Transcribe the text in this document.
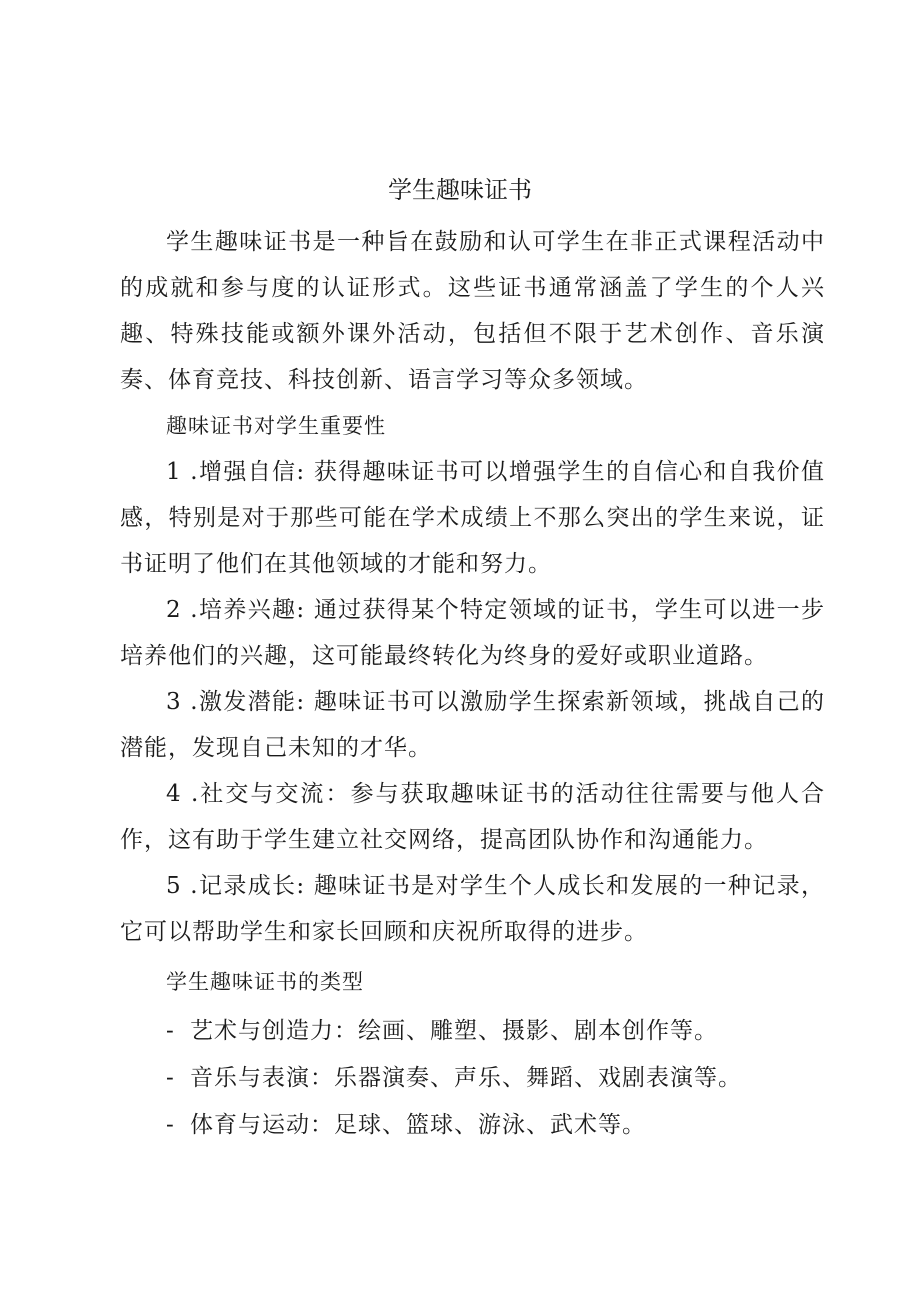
学生趣味证书

学生趣味证书是一种旨在鼓励和认可学生在非正式课程活动中的成就和参与度的认证形式。这些证书通常涵盖了学生的个人兴趣、特殊技能或额外课外活动，包括但不限于艺术创作、音乐演奏、体育竞技、科技创新、语言学习等众多领域。

趣味证书对学生重要性

1 .增强自信: 获得趣味证书可以增强学生的自信心和自我价值感，特别是对于那些可能在学术成绩上不那么突出的学生来说，证书证明了他们在其他领域的才能和努力。

2 .培养兴趣: 通过获得某个特定领域的证书，学生可以进一步培养他们的兴趣，这可能最终转化为终身的爱好或职业道路。

3 .激发潜能: 趣味证书可以激励学生探索新领域，挑战自己的潜能，发现自己未知的才华。

4 .社交与交流：参与获取趣味证书的活动往往需要与他人合作，这有助于学生建立社交网络，提高团队协作和沟通能力。

5 .记录成长: 趣味证书是对学生个人成长和发展的一种记录，它可以帮助学生和家长回顾和庆祝所取得的进步。

学生趣味证书的类型

- 艺术与创造力：绘画、雕塑、摄影、剧本创作等。

- 音乐与表演：乐器演奏、声乐、舞蹈、戏剧表演等。

- 体育与运动：足球、篮球、游泳、武术等。
